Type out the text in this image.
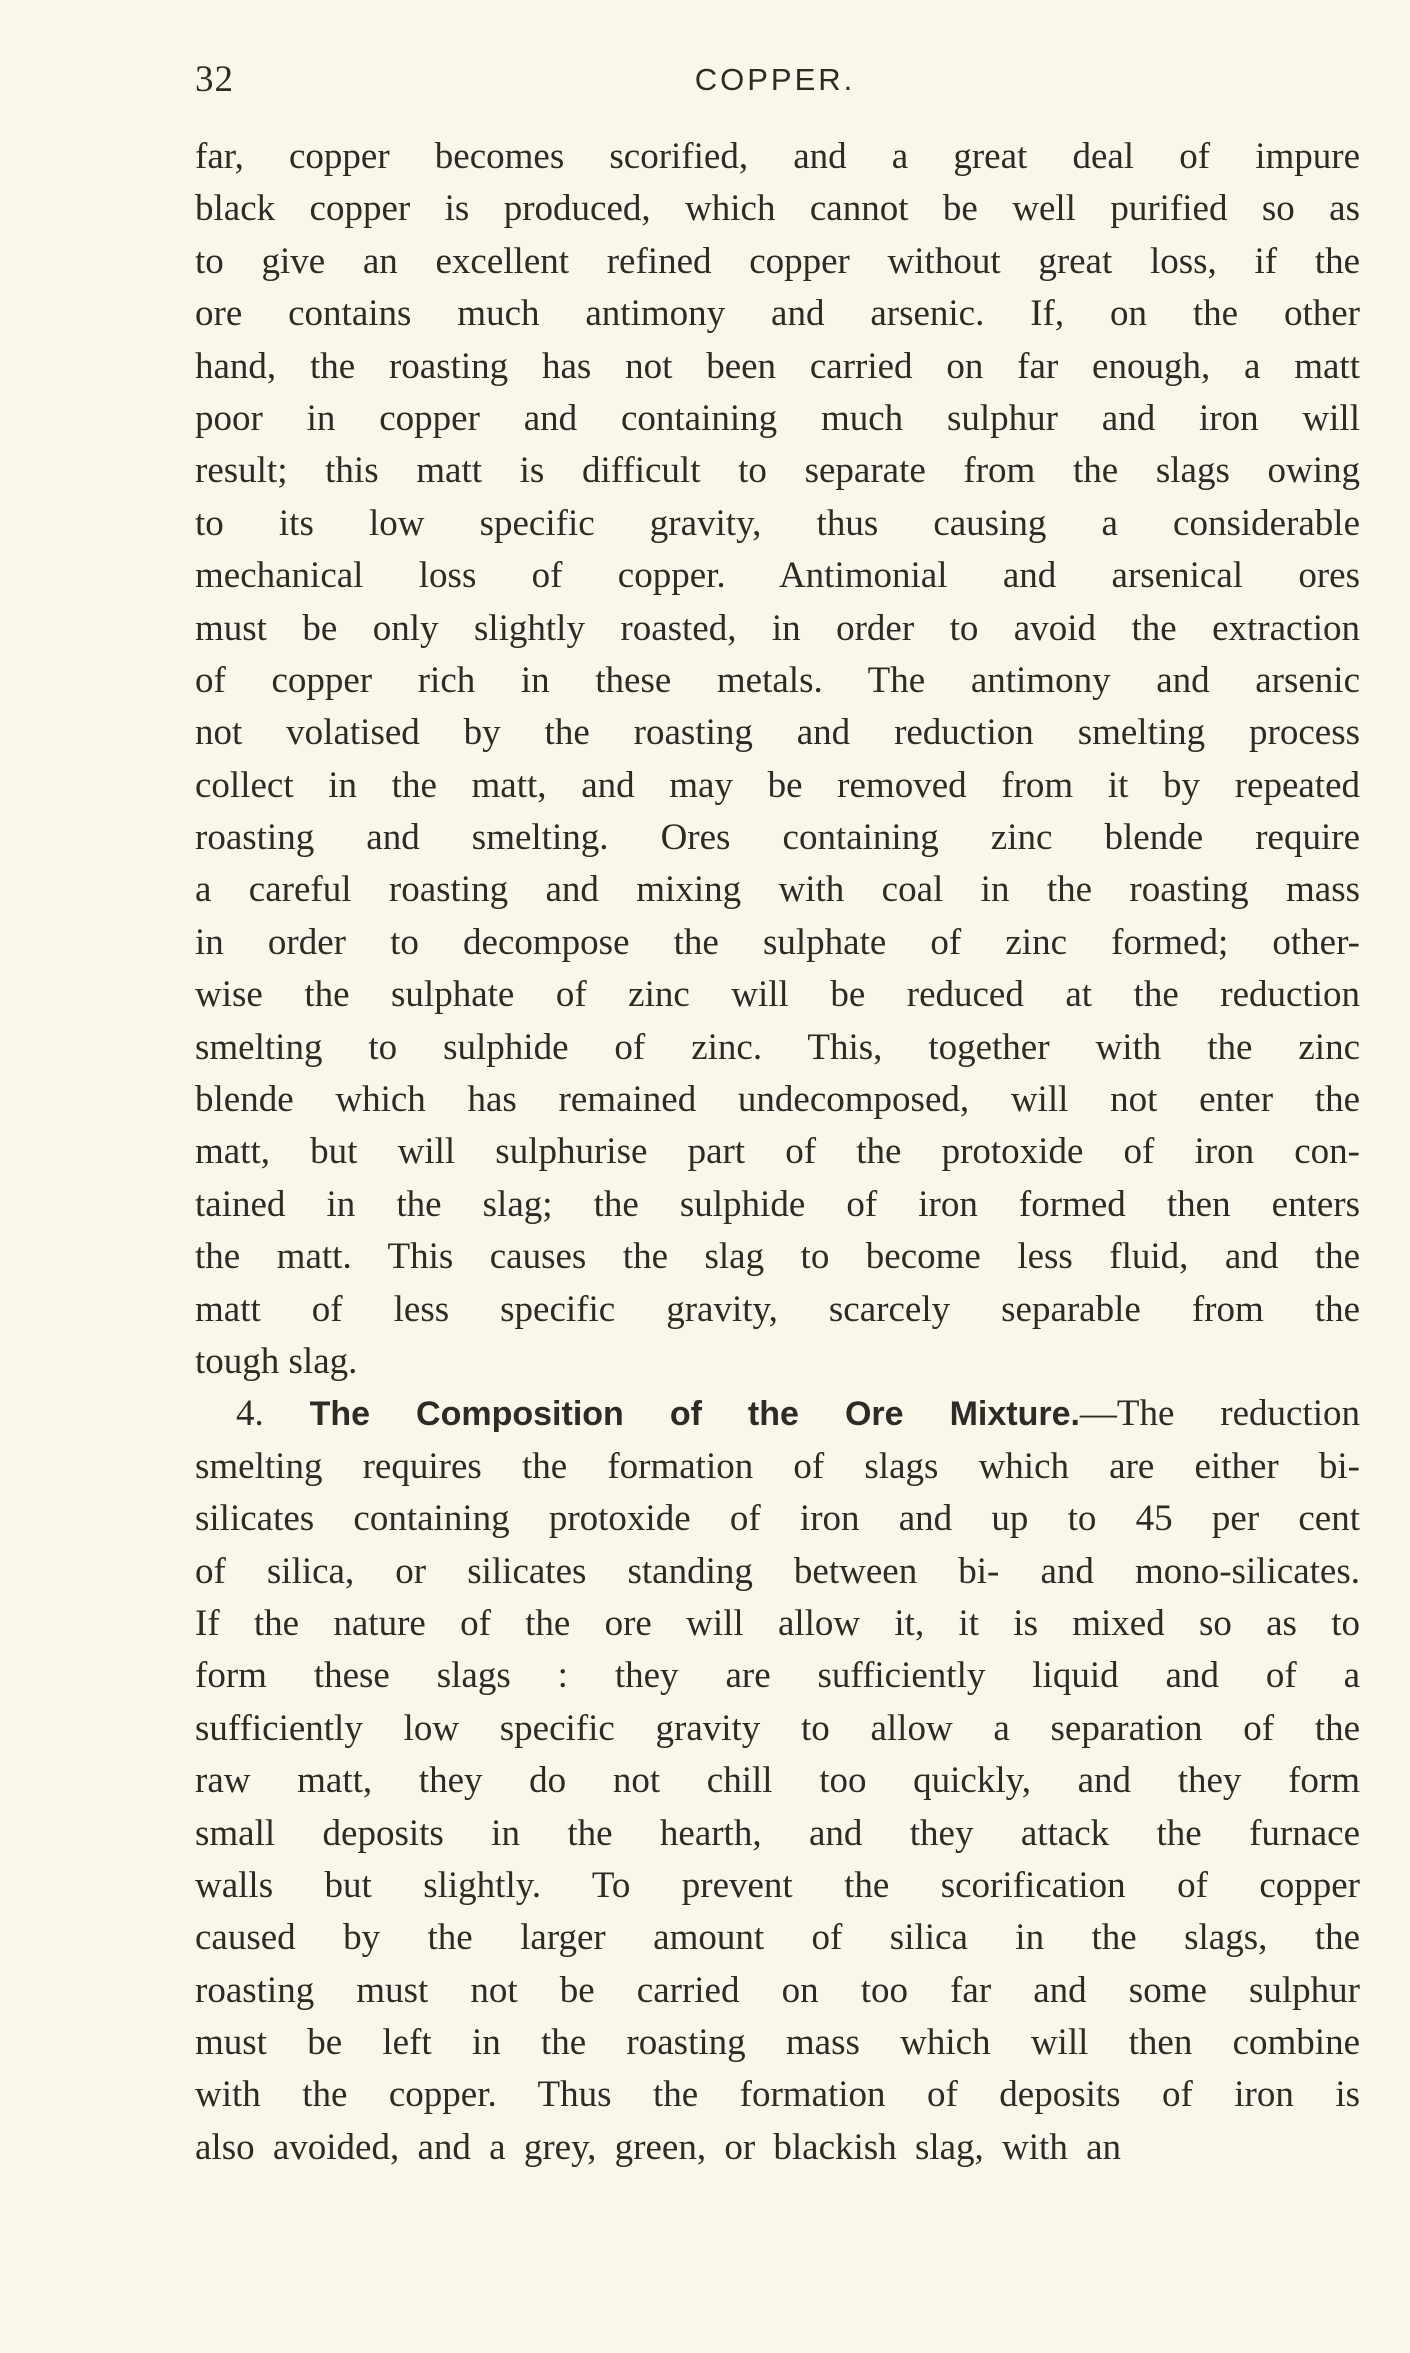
32	COPPER.
far, copper becomes scorified, and a great deal of impure
black copper is produced, which cannot be well purified so as
to give an excellent refined copper without great loss, if the
ore contains much antimony and arsenic. If, on the other
hand, the roasting has not been carried on far enough, a matt
poor in copper and containing much sulphur and iron will
result; this matt is difficult to separate from the slags owing
to its low specific gravity, thus causing a considerable
mechanical loss of copper. Antimonial and arsenical ores
must be only slightly roasted, in order to avoid the extraction
of copper rich in these metals. The antimony and arsenic
not volatised by the roasting and reduction smelting process
collect in the matt, and may be removed from it by repeated
roasting and smelting. Ores containing zinc blende require
a careful roasting and mixing with coal in the roasting mass
in order to decompose the sulphate of zinc formed; other-
wise the sulphate of zinc will be reduced at the reduction
smelting to sulphide of zinc. This, together with the zinc
blende which has remained undecomposed, will not enter the
matt, but will sulphurise part of the protoxide of iron con-
tained in the slag; the sulphide of iron formed then enters
the matt. This causes the slag to become less fluid, and the
matt of less specific gravity, scarcely separable from the
tough slag.
4. The Composition of the Ore Mixture.—The reduction
smelting requires the formation of slags which are either bi-
silicates containing protoxide of iron and up to 45 per cent
of silica, or silicates standing between bi- and mono-silicates.
If the nature of the ore will allow it, it is mixed so as to
form these slags : they are sufficiently liquid and of a
sufficiently low specific gravity to allow a separation of the
raw matt, they do not chill too quickly, and they form
small deposits in the hearth, and they attack the furnace
walls but slightly. To prevent the scorification of copper
caused by the larger amount of silica in the slags, the
roasting must not be carried on too far and some sulphur
must be left in the roasting mass which will then combine
with the copper. Thus the formation of deposits of iron is
also avoided, and a grey, green, or blackish slag, with an
